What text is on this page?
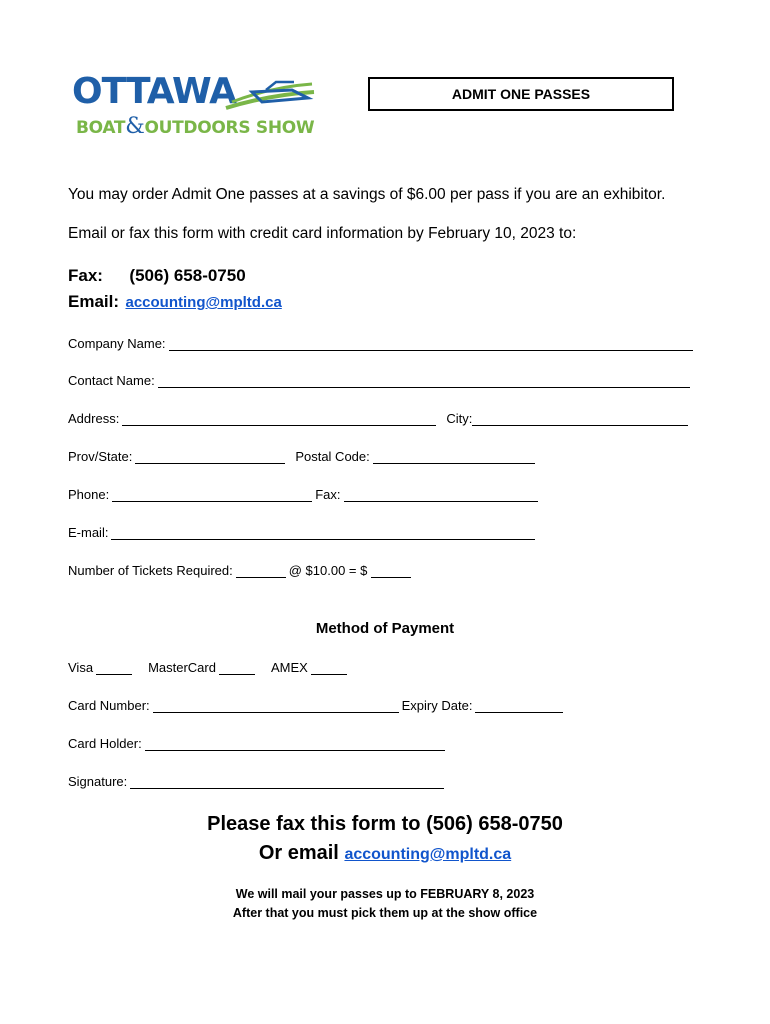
OTTAWA
BOAT&OUTDOORS SHOW
ADMIT ONE PASSES
You may order Admit One passes at a savings of $6.00 per pass if you are an exhibitor.
Email or fax this form with credit card information by February 10, 2023 to:
Fax: (506) 658-0750
Email: accounting@mpltd.ca
Company Name:
Contact Name:
Address:	City:
Prov/State:	Postal Code:
Phone:	Fax:
E-mail:
Number of Tickets Required:	@ $10.00 = $
Method of Payment
Visa	MasterCard	AMEX
Card Number:	Expiry Date:
Card Holder:
Signature:
Please fax this form to (506) 658-0750
Or email accounting@mpltd.ca
We will mail your passes up to FEBRUARY 8, 2023
After that you must pick them up at the show office
